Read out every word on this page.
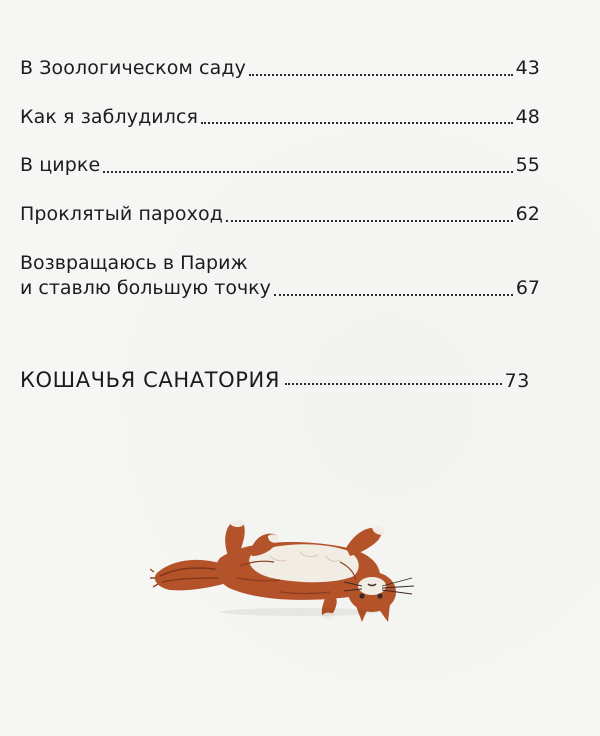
В Зоологическом саду	43
Как я заблудился	48
В цирке	55
Проклятый пароход	62
Возвращаюсь в Париж
и ставлю большую точку	67
КОШАЧЬЯ САНАТОРИЯ	73
